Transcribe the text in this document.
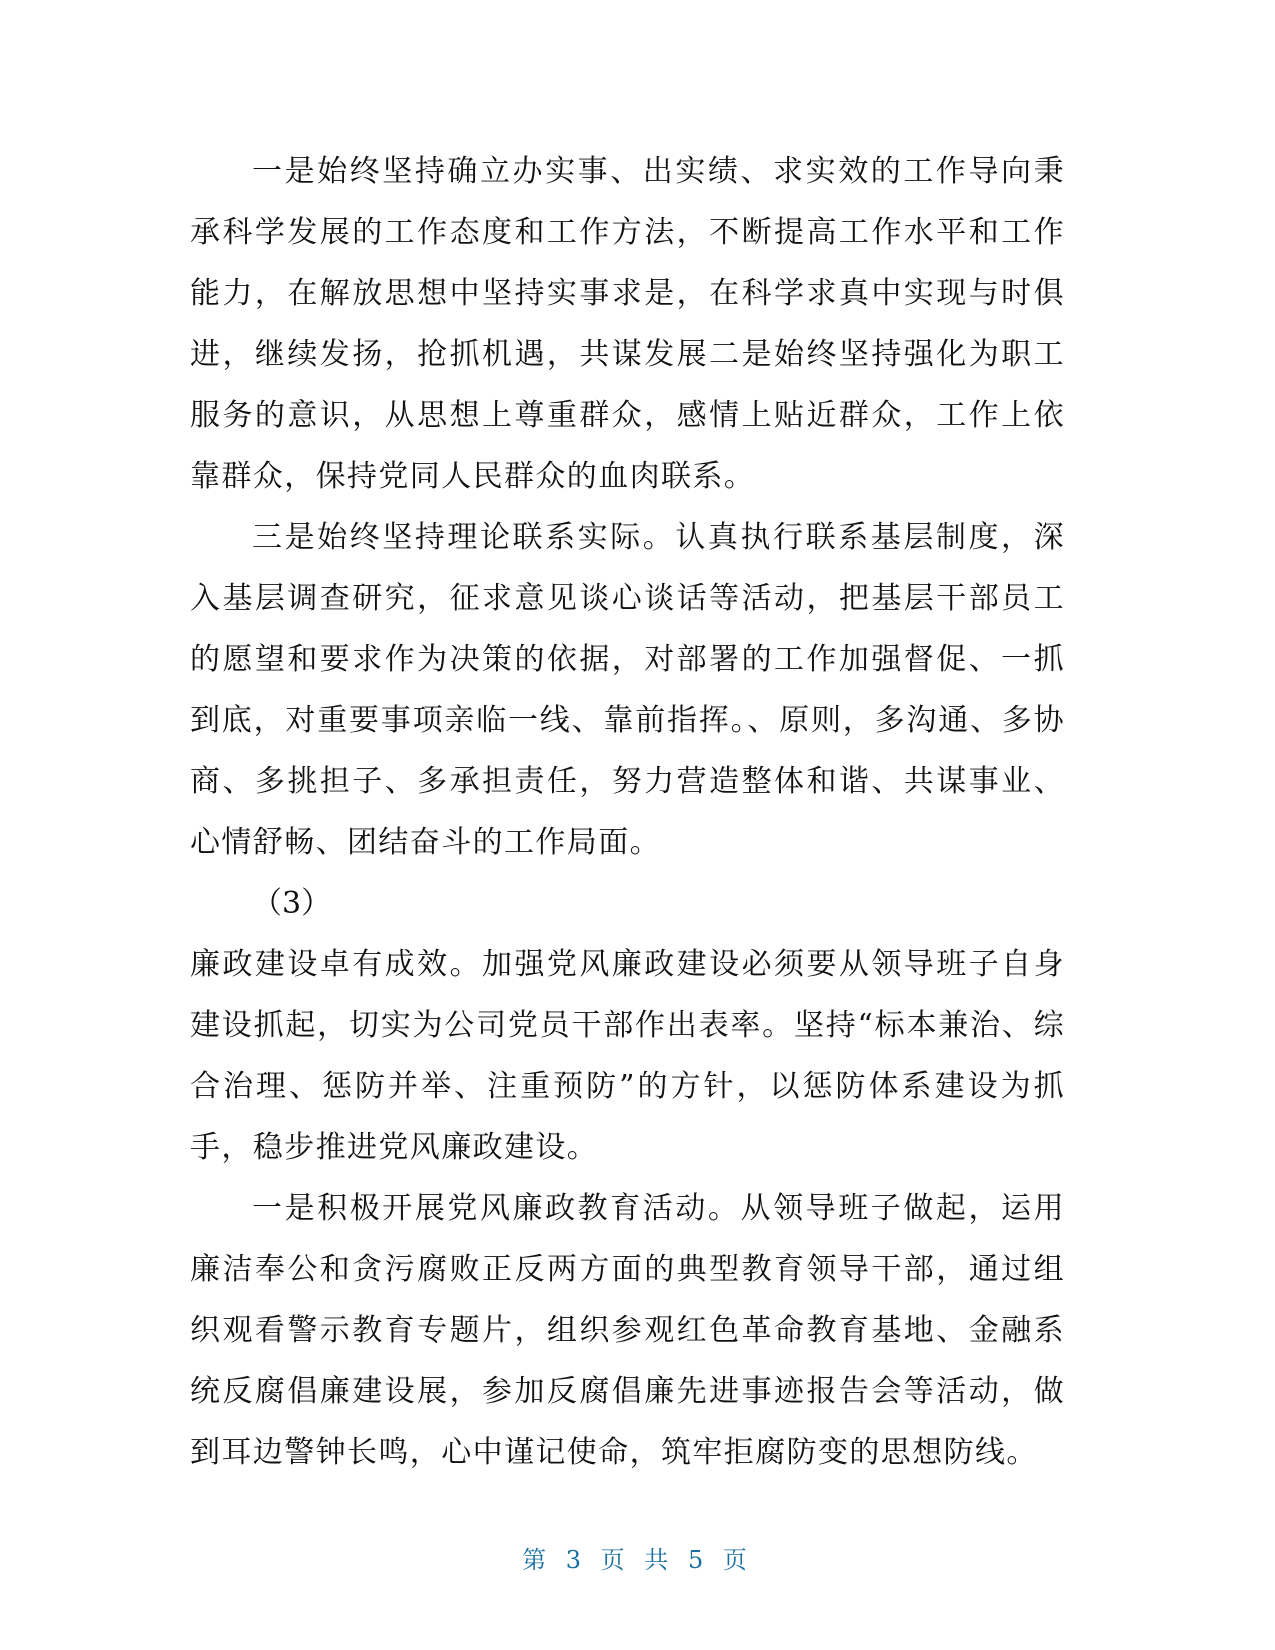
一是始终坚持确立办实事、出实绩、求实效的工作导向秉承科学发展的工作态度和工作方法，不断提高工作水平和工作能力，在解放思想中坚持实事求是，在科学求真中实现与时俱进，继续发扬，抢抓机遇，共谋发展二是始终坚持强化为职工服务的意识，从思想上尊重群众，感情上贴近群众，工作上依靠群众，保持党同人民群众的血肉联系。

三是始终坚持理论联系实际。认真执行联系基层制度，深入基层调查研究，征求意见谈心谈话等活动，把基层干部员工的愿望和要求作为决策的依据，对部署的工作加强督促、一抓到底，对重要事项亲临一线、靠前指挥。、原则，多沟通、多协商、多挑担子、多承担责任，努力营造整体和谐、共谋事业、心情舒畅、团结奋斗的工作局面。

（3）

廉政建设卓有成效。加强党风廉政建设必须要从领导班子自身建设抓起，切实为公司党员干部作出表率。坚持“标本兼治、综合治理、惩防并举、注重预防”的方针，以惩防体系建设为抓手，稳步推进党风廉政建设。

一是积极开展党风廉政教育活动。从领导班子做起，运用廉洁奉公和贪污腐败正反两方面的典型教育领导干部，通过组织观看警示教育专题片，组织参观红色革命教育基地、金融系统反腐倡廉建设展，参加反腐倡廉先进事迹报告会等活动，做到耳边警钟长鸣，心中谨记使命，筑牢拒腐防变的思想防线。

第 3 页 共 5 页
